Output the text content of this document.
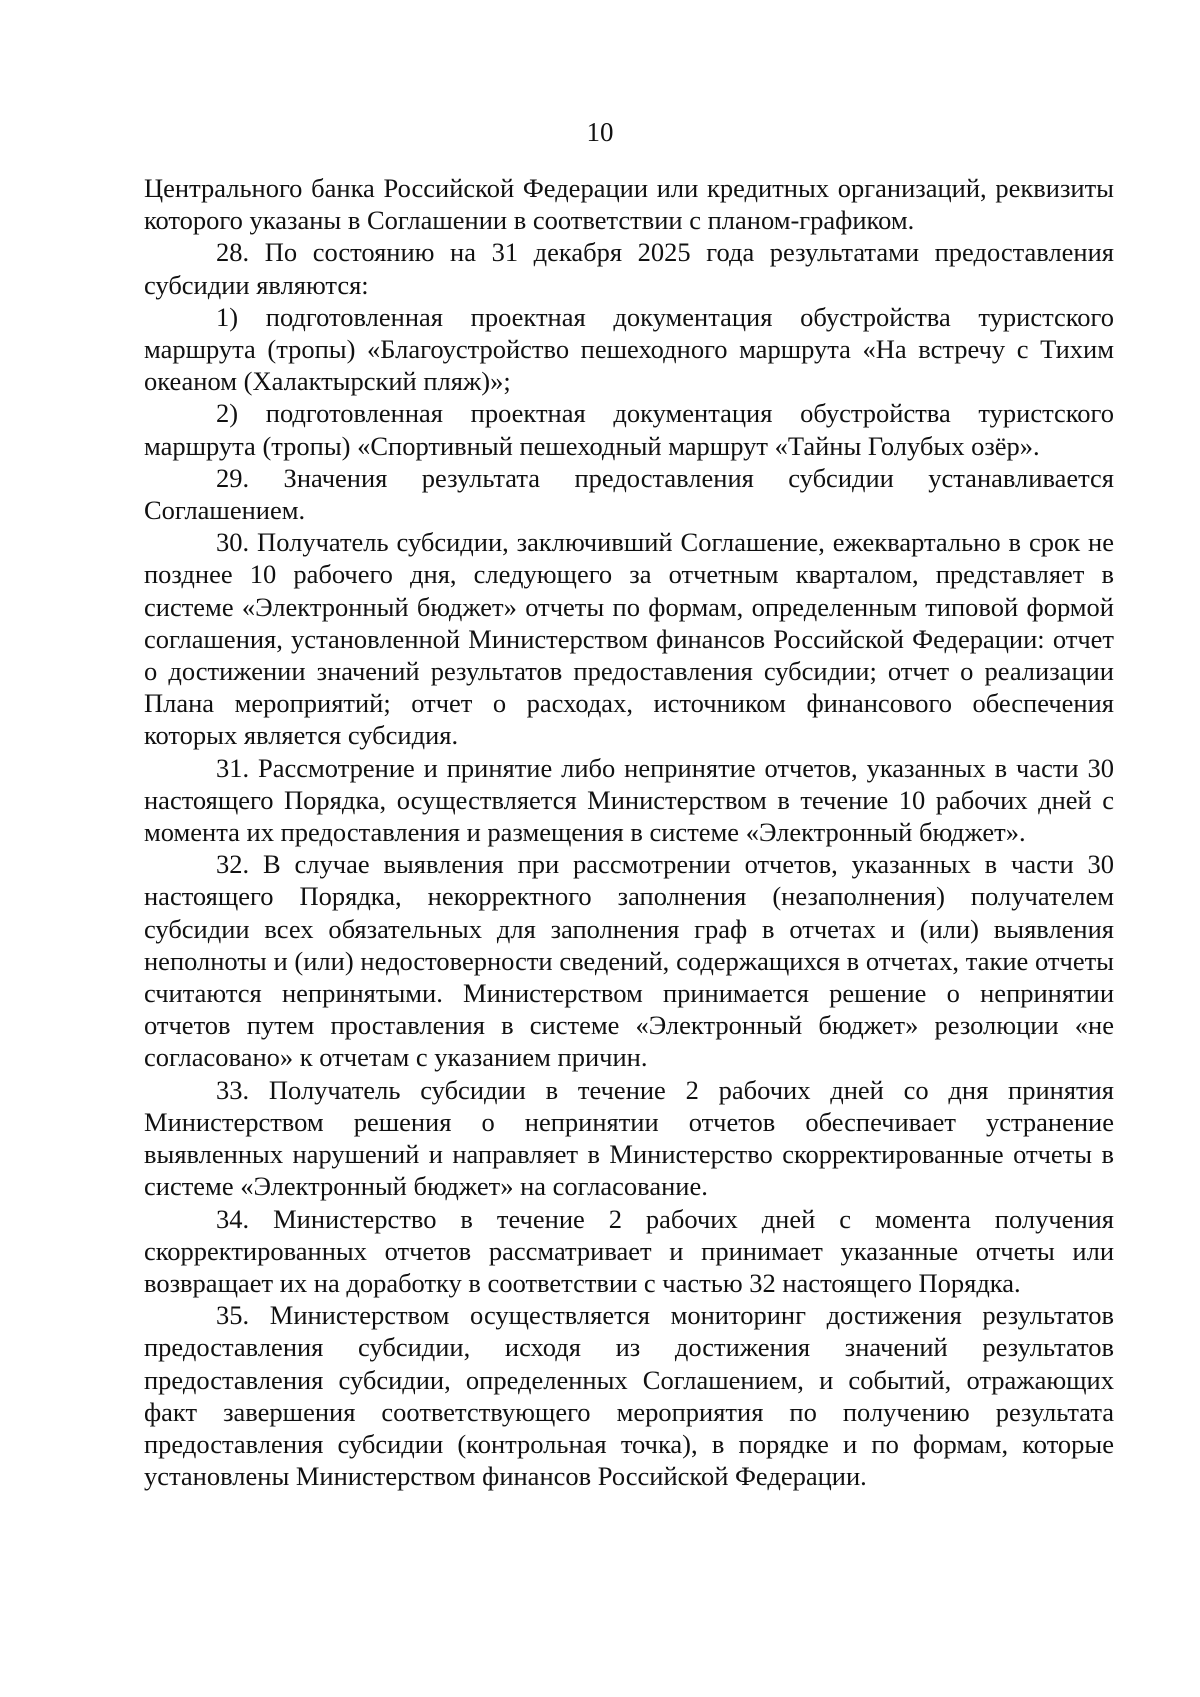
10

Центрального банка Российской Федерации или кредитных организаций, реквизиты которого указаны в Соглашении в соответствии с планом-графиком.

28. По состоянию на 31 декабря 2025 года результатами предоставления субсидии являются:

1) подготовленная проектная документация обустройства туристского маршрута (тропы) «Благоустройство пешеходного маршрута «На встречу с Тихим океаном (Халактырский пляж)»;

2) подготовленная проектная документация обустройства туристского маршрута (тропы) «Спортивный пешеходный маршрут «Тайны Голубых озёр».

29. Значения результата предоставления субсидии устанавливается Соглашением.

30. Получатель субсидии, заключивший Соглашение, ежеквартально в срок не позднее 10 рабочего дня, следующего за отчетным кварталом, представляет в системе «Электронный бюджет» отчеты по формам, определенным типовой формой соглашения, установленной Министерством финансов Российской Федерации: отчет о достижении значений результатов предоставления субсидии; отчет о реализации Плана мероприятий; отчет о расходах, источником финансового обеспечения которых является субсидия.

31. Рассмотрение и принятие либо непринятие отчетов, указанных в части 30 настоящего Порядка, осуществляется Министерством в течение 10 рабочих дней с момента их предоставления и размещения в системе «Электронный бюджет».

32. В случае выявления при рассмотрении отчетов, указанных в части 30 настоящего Порядка, некорректного заполнения (незаполнения) получателем субсидии всех обязательных для заполнения граф в отчетах и (или) выявления неполноты и (или) недостоверности сведений, содержащихся в отчетах, такие отчеты считаются непринятыми. Министерством принимается решение о непринятии отчетов путем проставления в системе «Электронный бюджет» резолюции «не согласовано» к отчетам с указанием причин.

33. Получатель субсидии в течение 2 рабочих дней со дня принятия Министерством решения о непринятии отчетов обеспечивает устранение выявленных нарушений и направляет в Министерство скорректированные отчеты в системе «Электронный бюджет» на согласование.

34. Министерство в течение 2 рабочих дней с момента получения скорректированных отчетов рассматривает и принимает указанные отчеты или возвращает их на доработку в соответствии с частью 32 настоящего Порядка.

35. Министерством осуществляется мониторинг достижения результатов предоставления субсидии, исходя из достижения значений результатов предоставления субсидии, определенных Соглашением, и событий, отражающих факт завершения соответствующего мероприятия по получению результата предоставления субсидии (контрольная точка), в порядке и по формам, которые установлены Министерством финансов Российской Федерации.
